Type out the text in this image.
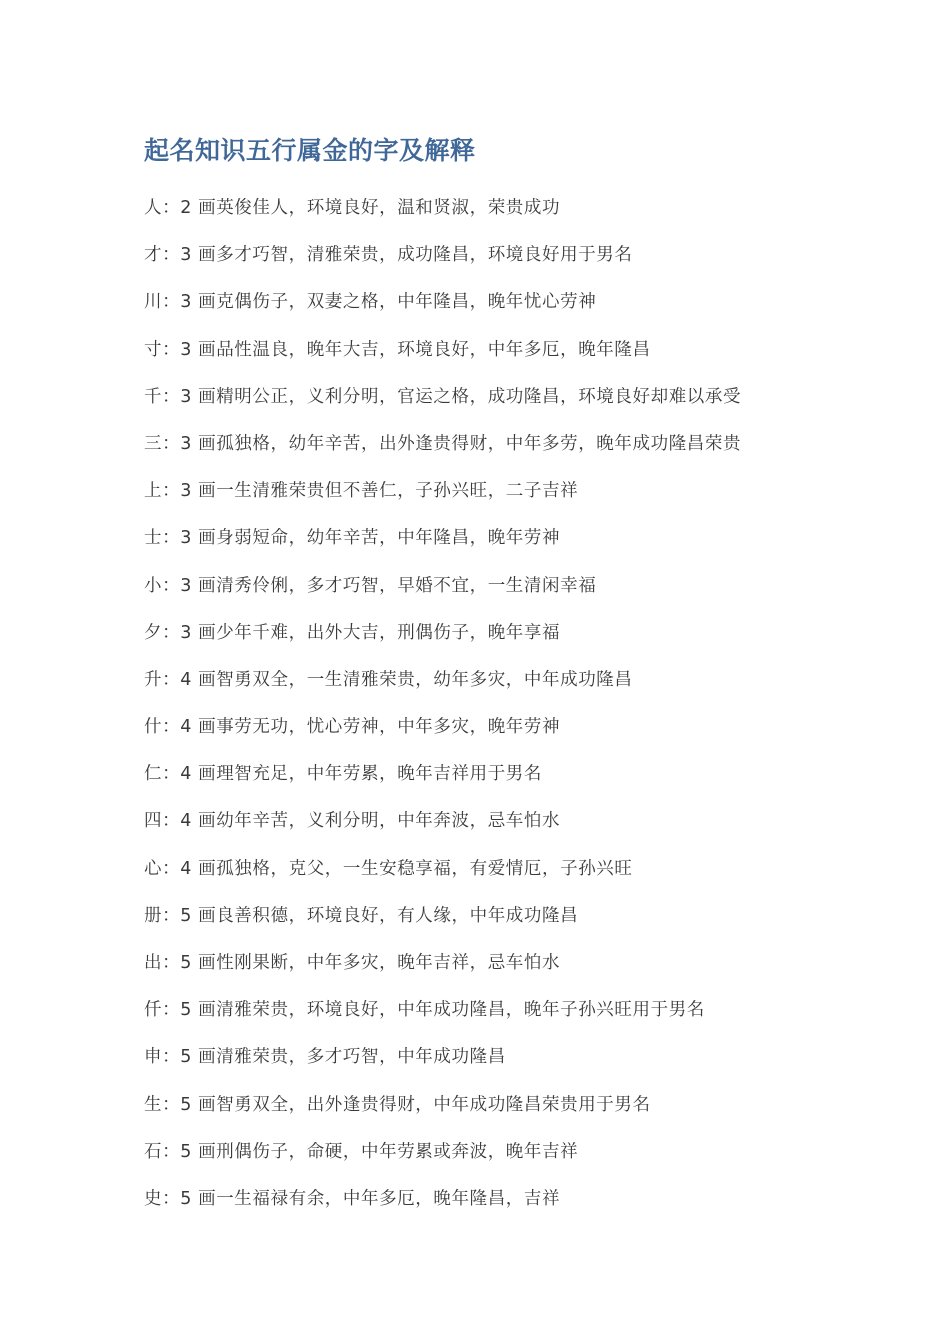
起名知识五行属金的字及解释
人：2 画英俊佳人，环境良好，温和贤淑，荣贵成功
才：3 画多才巧智，清雅荣贵，成功隆昌，环境良好用于男名
川：3 画克偶伤子，双妻之格，中年隆昌，晚年忧心劳神
寸：3 画品性温良，晚年大吉，环境良好，中年多厄，晚年隆昌
千：3 画精明公正，义利分明，官运之格，成功隆昌，环境良好却难以承受
三：3 画孤独格，幼年辛苦，出外逢贵得财，中年多劳，晚年成功隆昌荣贵
上：3 画一生清雅荣贵但不善仁，子孙兴旺，二子吉祥
士：3 画身弱短命，幼年辛苦，中年隆昌，晚年劳神
小：3 画清秀伶俐，多才巧智，早婚不宜，一生清闲幸福
夕：3 画少年千难，出外大吉，刑偶伤子，晚年享福
升：4 画智勇双全，一生清雅荣贵，幼年多灾，中年成功隆昌
什：4 画事劳无功，忧心劳神，中年多灾，晚年劳神
仁：4 画理智充足，中年劳累，晚年吉祥用于男名
四：4 画幼年辛苦，义利分明，中年奔波，忌车怕水
心：4 画孤独格，克父，一生安稳享福，有爱情厄，子孙兴旺
册：5 画良善积德，环境良好，有人缘，中年成功隆昌
出：5 画性刚果断，中年多灾，晚年吉祥，忌车怕水
仟：5 画清雅荣贵，环境良好，中年成功隆昌，晚年子孙兴旺用于男名
申：5 画清雅荣贵，多才巧智，中年成功隆昌
生：5 画智勇双全，出外逢贵得财，中年成功隆昌荣贵用于男名
石：5 画刑偶伤子，命硬，中年劳累或奔波，晚年吉祥
史：5 画一生福禄有余，中年多厄，晚年隆昌，吉祥
